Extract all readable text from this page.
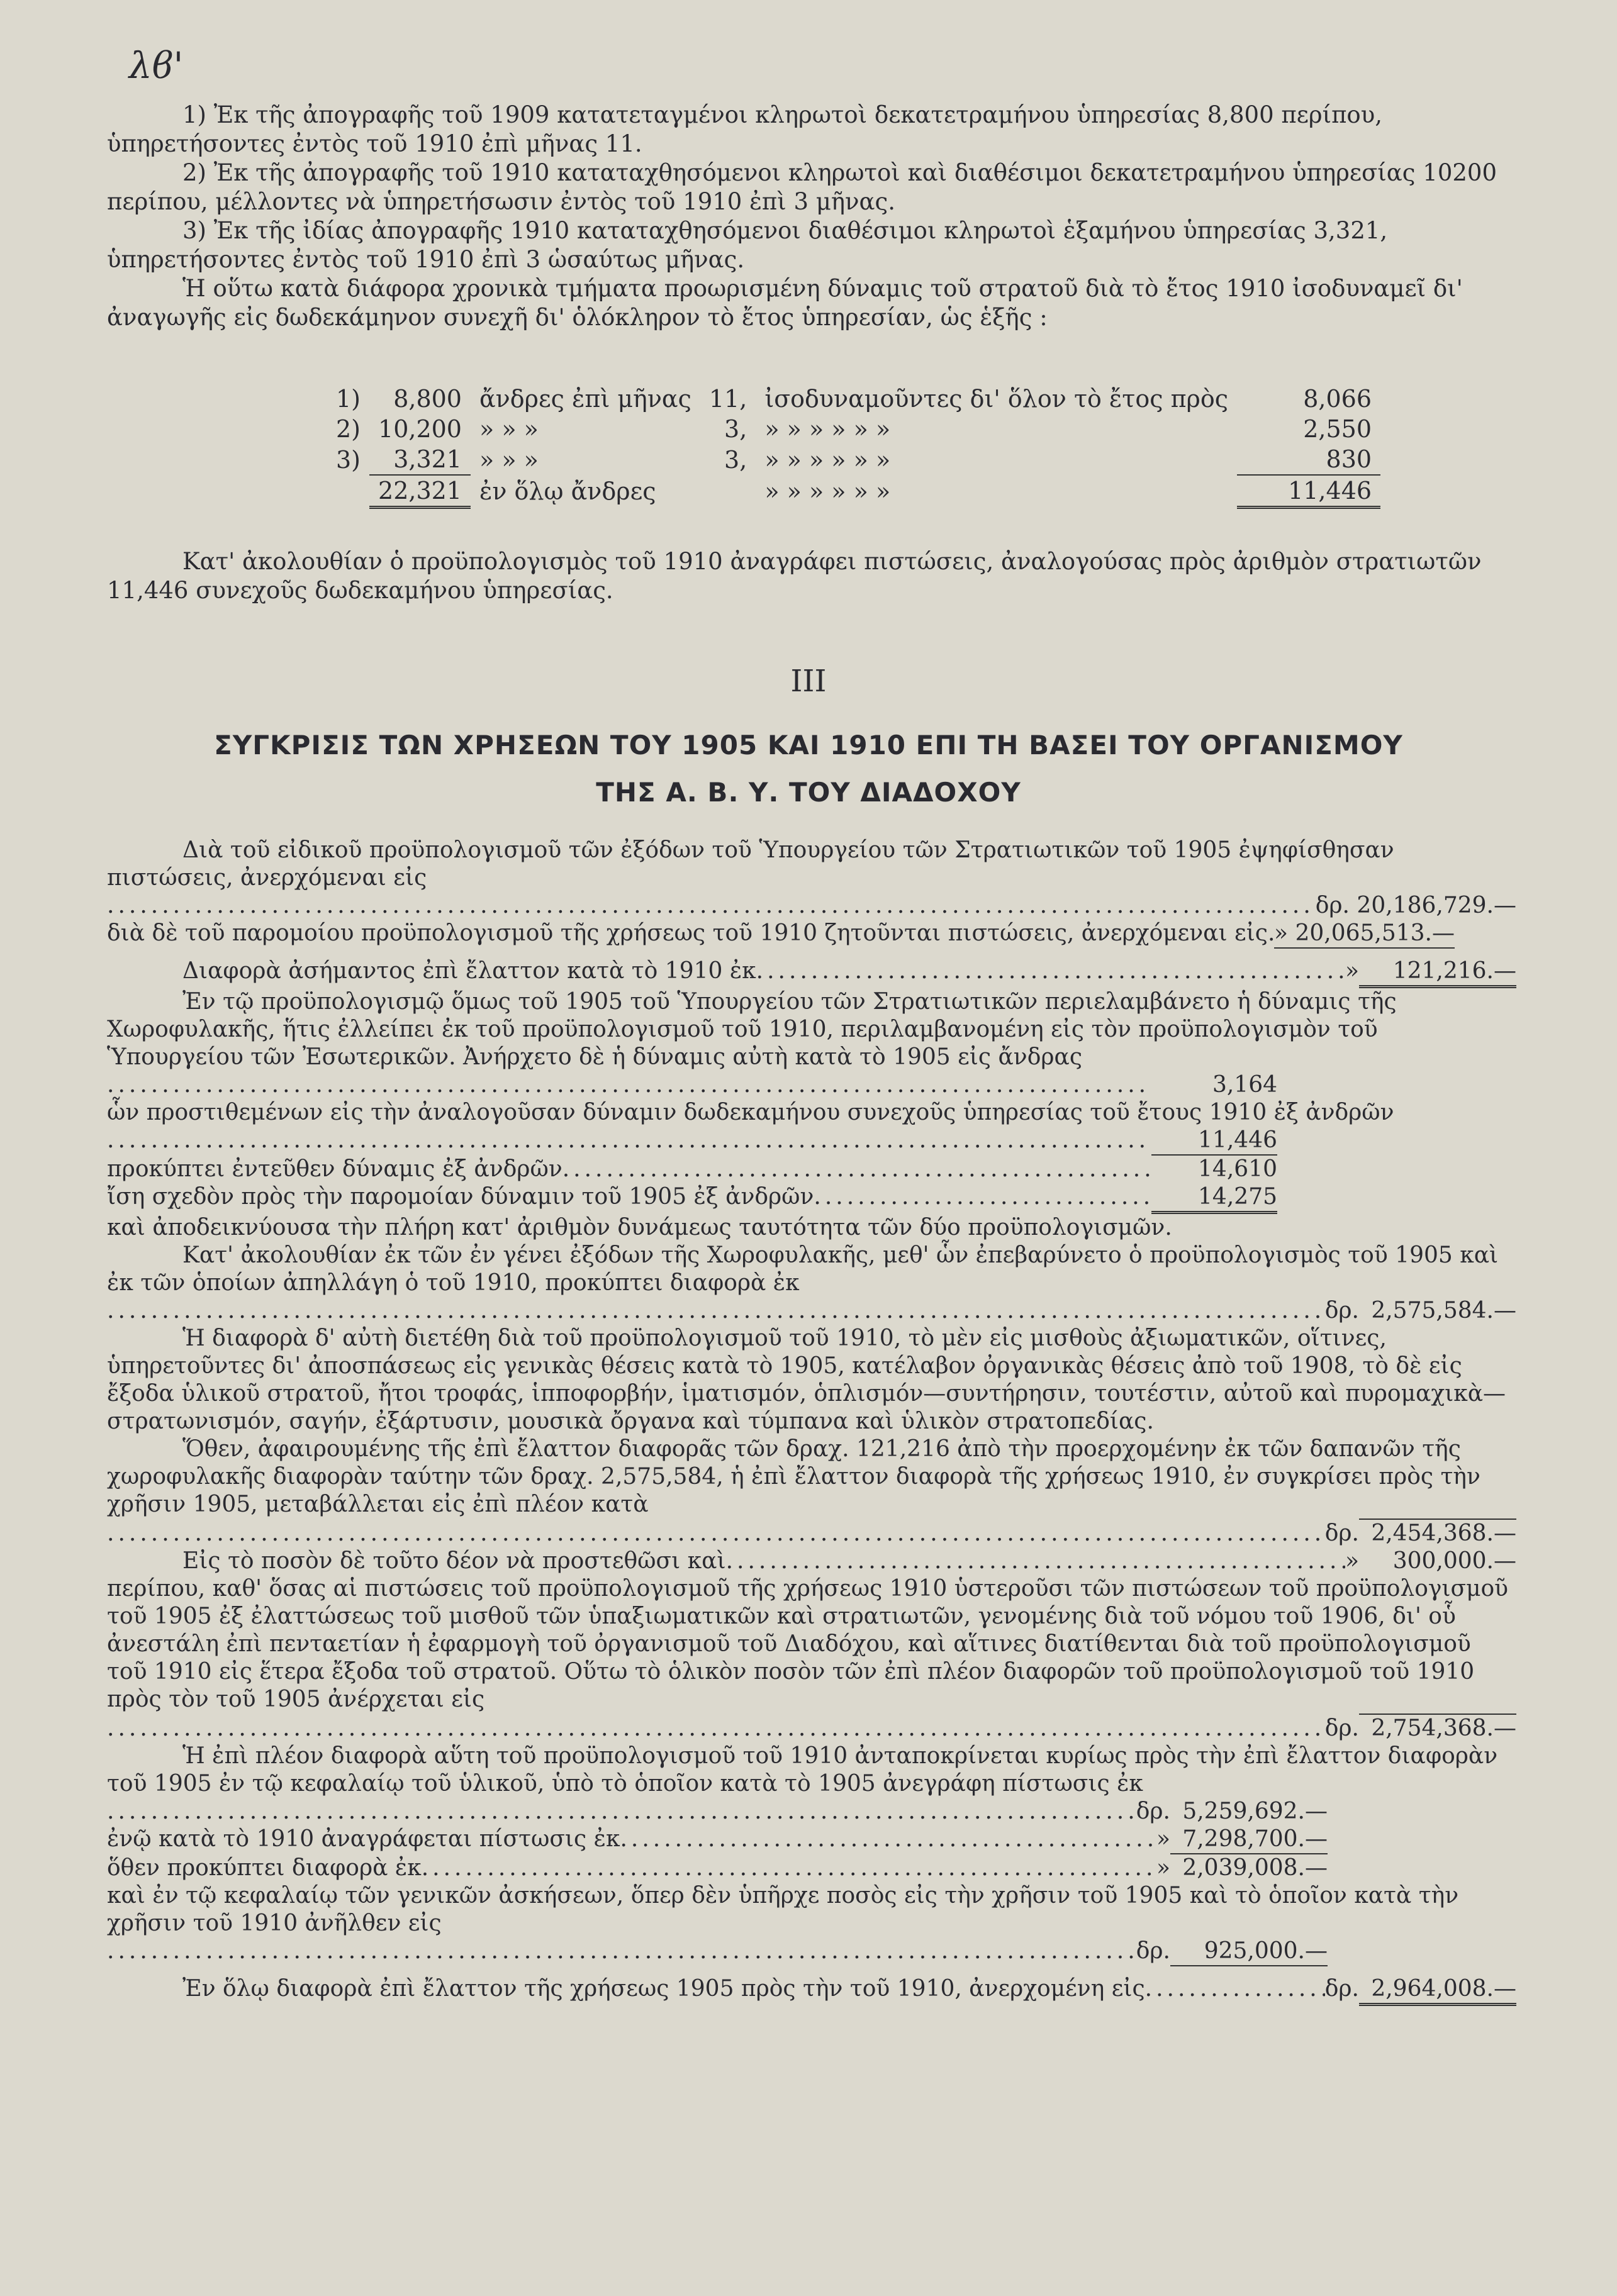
λϐ'

1) Ἐκ τῆς ἀπογραφῆς τοῦ 1909 κατατεταγμένοι κληρωτοὶ δεκατετραμήνου ὑπηρεσίας 8,800 περίπου, ὑπηρετήσοντες ἐντὸς τοῦ 1910 ἐπὶ μῆνας 11.

2) Ἐκ τῆς ἀπογραφῆς τοῦ 1910 καταταχθησόμενοι κληρωτοὶ καὶ διαθέσιμοι δεκατετραμήνου ὑπηρεσίας 10200 περίπου, μέλλοντες νὰ ὑπηρετήσωσιν ἐντὸς τοῦ 1910 ἐπὶ 3 μῆνας.

3) Ἐκ τῆς ἰδίας ἀπογραφῆς 1910 καταταχθησόμενοι διαθέσιμοι κληρωτοὶ ἑξαμήνου ὑπηρεσίας 3,321, ὑπηρετήσοντες ἐντὸς τοῦ 1910 ἐπὶ 3 ὡσαύτως μῆνας.

Ἡ οὕτω κατὰ διάφορα χρονικὰ τμήματα προωρισμένη δύναμις τοῦ στρατοῦ διὰ τὸ ἔτος 1910 ἰσοδυναμεῖ δι' ἀναγωγῆς εἰς δωδεκάμηνον συνεχῆ δι' ὁλόκληρον τὸ ἔτος ὑπηρεσίαν, ὡς ἑξῆς :

1)	8,800	ἄνδρες ἐπὶ μῆνας	11,	ἰσοδυναμοῦντες δι' ὅλον τὸ ἔτος πρὸς	8,066
2)	10,200	» » »	3,	» » » » » »	2,550
3)	3,321	» » »	3,	» » » » » »	830
	22,321	ἐν ὅλῳ ἄνδρες		» » » » » »	11,446

Κατ' ἀκολουθίαν ὁ προϋπολογισμὸς τοῦ 1910 ἀναγράφει πιστώσεις, ἀναλογούσας πρὸς ἀριθμὸν στρατιωτῶν 11,446 συνεχοῦς δωδεκαμήνου ὑπηρεσίας.

III
ΣΥΓΚΡΙΣΙΣ ΤΩΝ ΧΡΗΣΕΩΝ ΤΟΥ 1905 ΚΑΙ 1910 ΕΠΙ ΤΗ ΒΑΣΕΙ ΤΟΥ ΟΡΓΑΝΙΣΜΟΥ
ΤΗΣ Α. Β. Υ. ΤΟΥ ΔΙΑΔΟΧΟΥ

Διὰ τοῦ εἰδικοῦ προϋπολογισμοῦ τῶν ἐξόδων τοῦ Ὑπουργείου τῶν Στρατιωτικῶν τοῦ 1905 ἐψηφίσθησαν πιστώσεις, ἀνερχόμεναι εἰς

.....
δρ. 20,186,729.—
διὰ δὲ τοῦ παρομοίου προϋπολογισμοῦ τῆς χρήσεως τοῦ 1910 ζητοῦνται πιστώσεις, ἀνερχόμεναι εἰς ..... » 20,065,513.—
Διαφορὰ ἀσήμαντος ἐπὶ ἔλαττον κατὰ τὸ 1910 ἐκ .....	»	121,216.—

Ἐν τῷ προϋπολογισμῷ ὅμως τοῦ 1905 τοῦ Ὑπουργείου τῶν Στρατιωτικῶν περιελαμβάνετο ἡ δύναμις τῆς Χωροφυλακῆς, ἥτις ἐλλείπει ἐκ τοῦ προϋπολογισμοῦ τοῦ 1910, περιλαμβανομένη εἰς τὸν προϋπολογισμὸν τοῦ Ὑπουργείου τῶν Ἐσωτερικῶν. Ἀνήρχετο δὲ ἡ δύναμις αὐτὴ κατὰ τὸ 1905 εἰς ἄνδρας

.....
3,164

ὧν προστιθεμένων εἰς τὴν ἀναλογοῦσαν δύναμιν δωδεκαμήνου συνεχοῦς ὑπηρεσίας τοῦ ἔτους 1910 ἐξ ἀνδρῶν

.....
11,446
προκύπτει ἐντεῦθεν δύναμις ἐξ ἀνδρῶν .....	14,610
ἴση σχεδὸν πρὸς τὴν παρομοίαν δύναμιν τοῦ 1905 ἐξ ἀνδρῶν .....	14,275

καὶ ἀποδεικνύουσα τὴν πλήρη κατ' ἀριθμὸν δυνάμεως ταυτότητα τῶν δύο προϋπολογισμῶν.

Κατ' ἀκολουθίαν ἐκ τῶν ἐν γένει ἐξόδων τῆς Χωροφυλακῆς, μεθ' ὧν ἐπεβαρύνετο ὁ προϋπολογισμὸς τοῦ 1905 καὶ ἐκ τῶν ὁποίων ἀπηλλάγη ὁ τοῦ 1910, προκύπτει διαφορὰ ἐκ

.....
δρ. 2,575,584.—

Ἡ διαφορὰ δ' αὐτὴ διετέθη διὰ τοῦ προϋπολογισμοῦ τοῦ 1910, τὸ μὲν εἰς μισθοὺς ἀξιωματικῶν, οἵτινες, ὑπηρετοῦντες δι' ἀποσπάσεως εἰς γενικὰς θέσεις κατὰ τὸ 1905, κατέλαβον ὀργανικὰς θέσεις ἀπὸ τοῦ 1908, τὸ δὲ εἰς ἔξοδα ὑλικοῦ στρατοῦ, ἤτοι τροφάς, ἱπποφορβήν, ἱματισμόν, ὁπλισμόν—συντήρησιν, τουτέστιν, αὐτοῦ καὶ πυρομαχικὰ—στρατωνισμόν, σαγήν, ἐξάρτυσιν, μουσικὰ ὄργανα καὶ τύμπανα καὶ ὑλικὸν στρατοπεδίας.

Ὅθεν, ἀφαιρουμένης τῆς ἐπὶ ἔλαττον διαφορᾶς τῶν δραχ. 121,216 ἀπὸ τὴν προερχομένην ἐκ τῶν δαπανῶν τῆς χωροφυλακῆς διαφορὰν ταύτην τῶν δραχ. 2,575,584, ἡ ἐπὶ ἔλαττον διαφορὰ τῆς χρήσεως 1910, ἐν συγκρίσει πρὸς τὴν χρῆσιν 1905, μεταβάλλεται εἰς ἐπὶ πλέον κατὰ

.....
δρ. 2,454,368.—
Εἰς τὸ ποσὸν δὲ τοῦτο δέον νὰ προστεθῶσι καὶ .....	»	300,000.—

περίπου, καθ' ὅσας αἱ πιστώσεις τοῦ προϋπολογισμοῦ τῆς χρήσεως 1910 ὑστεροῦσι τῶν πιστώσεων τοῦ προϋπολογισμοῦ τοῦ 1905 ἐξ ἐλαττώσεως τοῦ μισθοῦ τῶν ὑπαξιωματικῶν καὶ στρατιωτῶν, γενομένης διὰ τοῦ νόμου τοῦ 1906, δι' οὗ ἀνεστάλη ἐπὶ πενταετίαν ἡ ἐφαρμογὴ τοῦ ὀργανισμοῦ τοῦ Διαδόχου, καὶ αἵτινες διατίθενται διὰ τοῦ προϋπολογισμοῦ τοῦ 1910 εἰς ἕτερα ἔξοδα τοῦ στρατοῦ. Οὕτω τὸ ὁλικὸν ποσὸν τῶν ἐπὶ πλέον διαφορῶν τοῦ προϋπολογισμοῦ τοῦ 1910 πρὸς τὸν τοῦ 1905 ἀνέρχεται εἰς

.....
δρ. 2,754,368.—

Ἡ ἐπὶ πλέον διαφορὰ αὕτη τοῦ προϋπολογισμοῦ τοῦ 1910 ἀνταποκρίνεται κυρίως πρὸς τὴν ἐπὶ ἔλαττον διαφορὰν τοῦ 1905 ἐν τῷ κεφαλαίῳ τοῦ ὑλικοῦ, ὑπὸ τὸ ὁποῖον κατὰ τὸ 1905 ἀνεγράφη πίστωσις ἐκ

.....
δρ. 5,259,692.—
ἐνῷ κατὰ τὸ 1910 ἀναγράφεται πίστωσις ἐκ .....	» 7,298,700.—
ὅθεν προκύπτει διαφορὰ ἐκ .....	» 2,039,008.—

καὶ ἐν τῷ κεφαλαίῳ τῶν γενικῶν ἀσκήσεων, ὅπερ δὲν ὑπῆρχε ποσὸς εἰς τὴν χρῆσιν τοῦ 1905 καὶ τὸ ὁποῖον κατὰ τὴν χρῆσιν τοῦ 1910 ἀνῆλθεν εἰς

.....
δρ.	925,000.—
Ἐν ὅλῳ διαφορὰ ἐπὶ ἔλαττον τῆς χρήσεως 1905 πρὸς τὴν τοῦ 1910, ἀνερχομένη εἰς .....	δρ. 2,964,008.—
